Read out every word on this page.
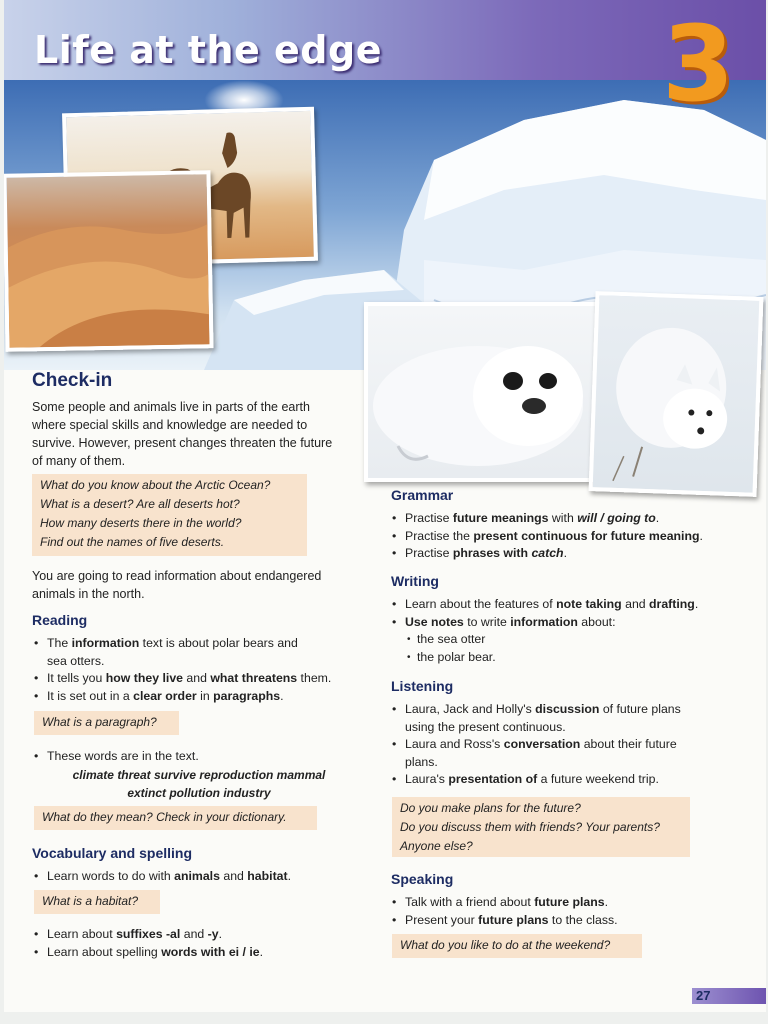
Life at the edge	3
Check-in
Some people and animals live in parts of the earth
where special skills and knowledge are needed to
survive. However, present changes threaten the future
of many of them.
What do you know about the Arctic Ocean?
What is a desert? Are all deserts hot?
How many deserts there in the world?
Find out the names of five deserts.
You are going to read information about endangered
animals in the north.
Reading
• The information text is about polar bears and
sea otters.
• It tells you how they live and what threatens them.
• It is set out in a clear order in paragraphs.
What is a paragraph?
• These words are in the text.
climate threat survive reproduction mammal
extinct pollution industry
What do they mean? Check in your dictionary.
Vocabulary and spelling
• Learn words to do with animals and habitat.
What is a habitat?
• Learn about suffixes -al and -y.
• Learn about spelling words with ei / ie.
Grammar
• Practise future meanings with will / going to.
• Practise the present continuous for future meaning.
• Practise phrases with catch.
Writing
• Learn about the features of note taking and drafting.
• Use notes to write information about:
• the sea otter
• the polar bear.
Listening
• Laura, Jack and Holly's discussion of future plans
using the present continuous.
• Laura and Ross's conversation about their future
plans.
• Laura's presentation of a future weekend trip.
Do you make plans for the future?
Do you discuss them with friends? Your parents?
Anyone else?
Speaking
• Talk with a friend about future plans.
• Present your future plans to the class.
What do you like to do at the weekend?
27
